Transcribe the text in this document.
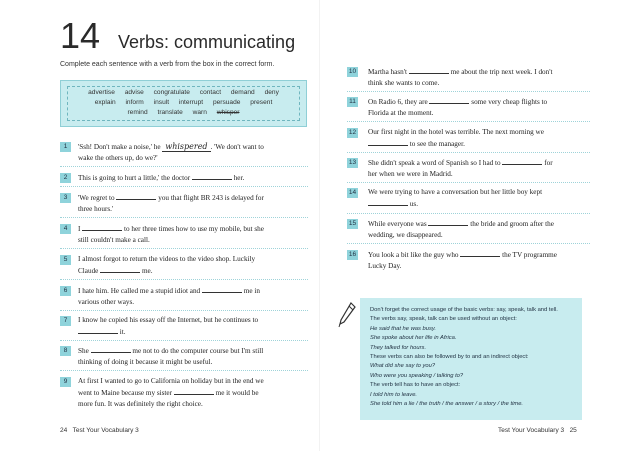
14 Verbs: communicating
Complete each sentence with a verb from the box in the correct form.
advertise advise congratulate contact demand deny
explain inform insult interrupt persuade present
remind translate warn whisper
1	'Ssh! Don't make a noise,' he whispered . 'We don't want to
wake the others up, do we?'
2	This is going to hurt a little,' the doctor	her.
3	'We regret to	you that flight BR 243 is delayed for
three hours.'
4	I	to her three times how to use my mobile, but she
still couldn't make a call.
5	I almost forgot to return the videos to the video shop. Luckily
Claude	me.
6	I hate him. He called me a stupid idiot and	me in
various other ways.
7	I know he copied his essay off the Internet, but he continues to
it.
8	She	me not to do the computer course but I'm still
thinking of doing it because it might be useful.
9	At first I wanted to go to California on holiday but in the end we
went to Maine because my sister	me it would be
more fun. It was definitely the right choice.
10 Martha hasn't	me about the trip next week. I don't
think she wants to come.
11 On Radio 6, they are	some very cheap flights to
Florida at the moment.
12 Our first night in the hotel was terrible. The next morning we
to see the manager.
13 She didn't speak a word of Spanish so I had to	for
her when we were in Madrid.
14 We were trying to have a conversation but her little boy kept
us.
15 While everyone was	the bride and groom after the
wedding, we disappeared.
16 You look a bit like the guy who	the TV programme
Lucky Day.
Don't forget the correct usage of the basic verbs: say, speak, talk and tell.
The verbs say, speak, talk can be used without an object:
He said that he was busy.
She spoke about her life in Africa.
They talked for hours.
These verbs can also be followed by to and an indirect object:
What did she say to you?
Who were you speaking / talking to?
The verb tell has to have an object:
I told him to leave.
She told him a lie / the truth / the answer / a story / the time.
24 Test Your Vocabulary 3	Test Your Vocabulary 3 25
